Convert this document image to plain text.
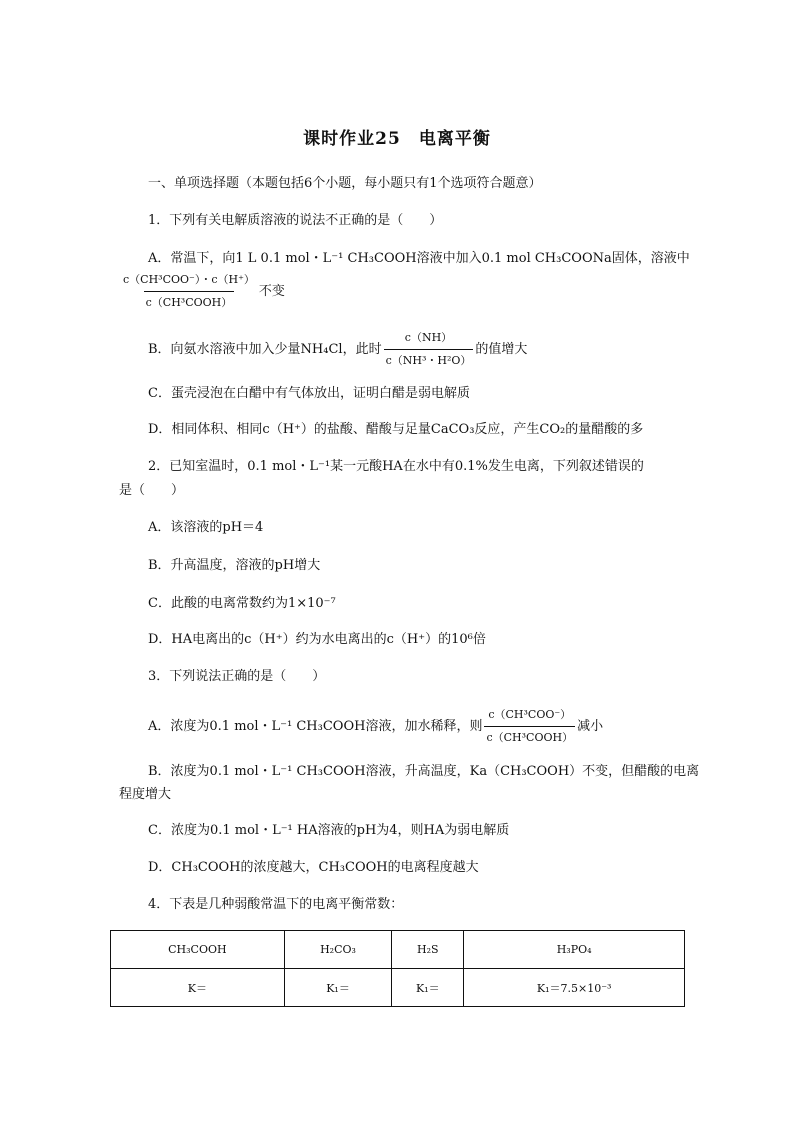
课时作业25　电离平衡
一、单项选择题（本题包括6个小题，每小题只有1个选项符合题意）
1．下列有关电解质溶液的说法不正确的是（　　）
A．常温下，向1 L 0.1 mol・L⁻¹ CH₃COOH溶液中加入0.1 mol CH₃COONa固体，溶液中
$\frac{\text{c（CH³COO⁻）・c（H⁺）}}{\text{c（CH³COOH）}}$ 不变
B．向氨水溶液中加入少量NH₄Cl，此时 $\frac{c(NH)}{\text{c（NH³・H²O）}}$ 的值增大
C．蛋壳浸泡在白醋中有气体放出，证明白醋是弱电解质
D．相同体积、相同c（H⁺）的盐酸、醋酸与足量CaCO₃反应，产生CO₂的量醋酸的多
2．已知室温时，0.1 mol・L⁻¹某一元酸HA在水中有0.1%发生电离，下列叙述错误的
是（　　）
A．该溶液的pH＝4
B．升高温度，溶液的pH增大
C．此酸的电离常数约为1×10⁻⁷
D．HA电离出的c（H⁺）约为水电离出的c（H⁺）的10⁶倍
3．下列说法正确的是（　　）
A．浓度为0.1 mol・L⁻¹ CH₃COOH溶液，加水稀释，则 $\frac{\text{c（CH³COO⁻）}}{\text{c（CH³COOH）}}$ 减小
B．浓度为0.1 mol・L⁻¹ CH₃COOH溶液，升高温度，Ka（CH₃COOH）不变，但醋酸的电离
程度增大
C．浓度为0.1 mol・L⁻¹ HA溶液的pH为4，则HA为弱电解质
D．CH₃COOH的浓度越大，CH₃COOH的电离程度越大
4．下表是几种弱酸常温下的电离平衡常数：
CH₃COOH	H₂CO₃	H₂S	H₃PO₄
K＝	K₁＝	K₁＝	K₁＝7.5×10⁻³
